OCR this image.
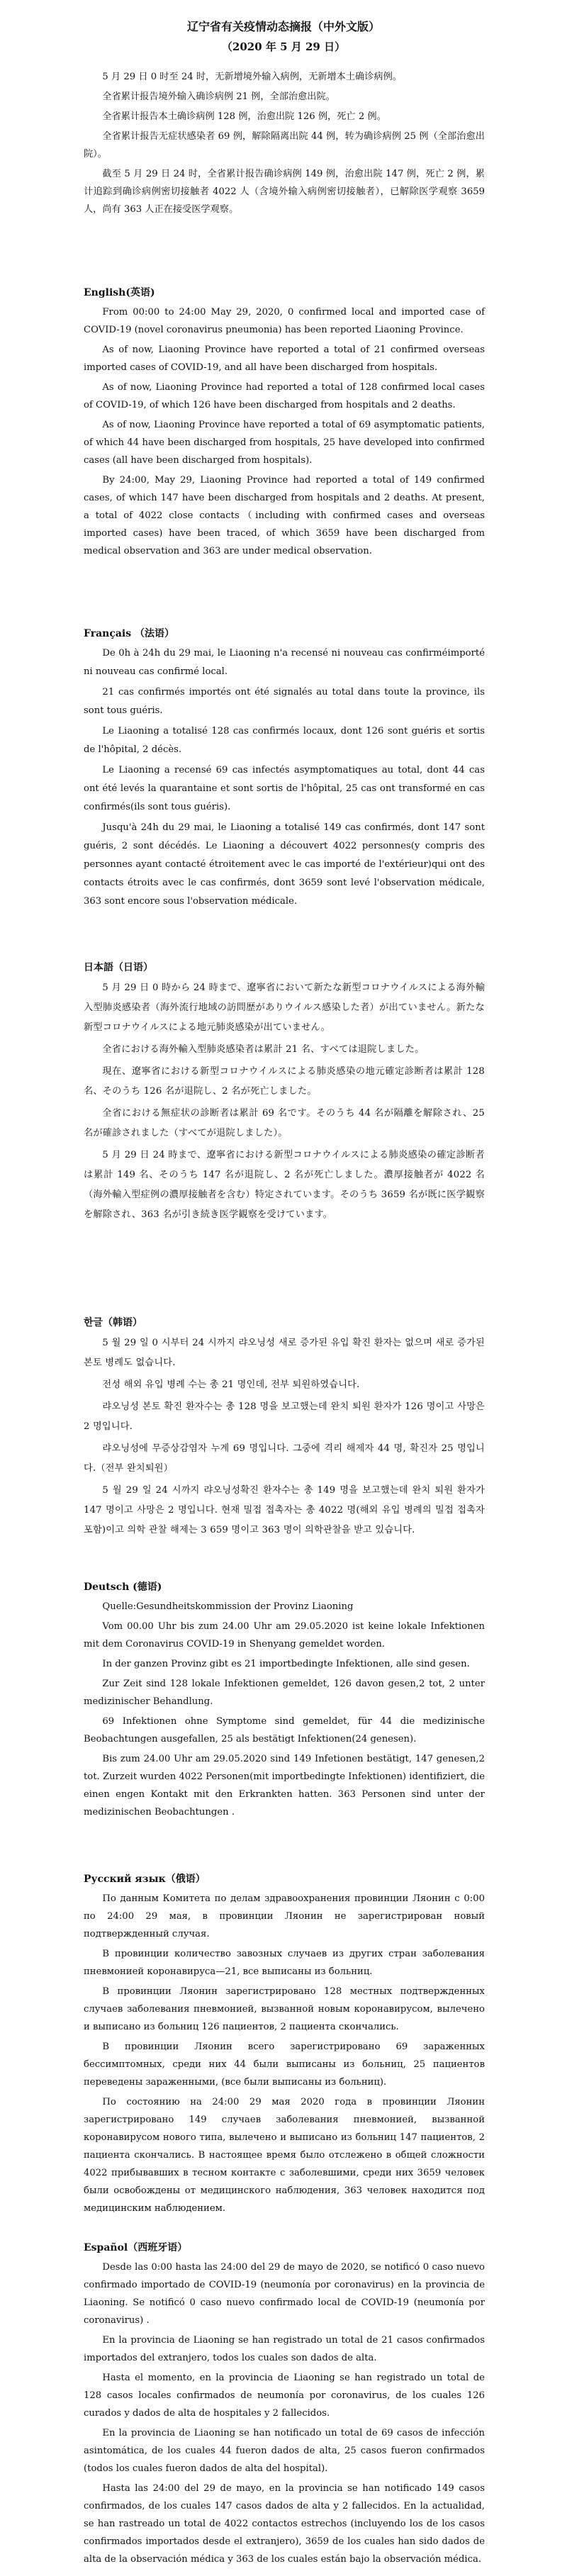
辽宁省有关疫情动态摘报（中外文版）
（2020 年 5 月 29 日）

5 月 29 日 0 时至 24 时，无新增境外输入病例，无新增本土确诊病例。

全省累计报告境外输入确诊病例 21 例，全部治愈出院。

全省累计报告本土确诊病例 128 例，治愈出院 126 例，死亡 2 例。

全省累计报告无症状感染者 69 例，解除隔离出院 44 例，转为确诊病例 25 例（全部治愈出院）。

截至 5 月 29 日 24 时，全省累计报告确诊病例 149 例，治愈出院 147 例，死亡 2 例，累计追踪到确诊病例密切接触者 4022 人（含境外输入病例密切接触者），已解除医学观察 3659 人，尚有 363 人正在接受医学观察。

English(英语)

From 00:00 to 24:00 May 29, 2020, 0 confirmed local and imported case of COVID-19 (novel coronavirus pneumonia) has been reported Liaoning Province.

As of now, Liaoning Province have reported a total of 21 confirmed overseas imported cases of COVID-19, and all have been discharged from hospitals.

As of now, Liaoning Province had reported a total of 128 confirmed local cases of COVID-19, of which 126 have been discharged from hospitals and 2 deaths.

As of now, Liaoning Province have reported a total of 69 asymptomatic patients, of which 44 have been discharged from hospitals, 25 have developed into confirmed cases (all have been discharged from hospitals).

By 24:00, May 29, Liaoning Province had reported a total of 149 confirmed cases, of which 147 have been discharged from hospitals and 2 deaths. At present, a total of 4022 close contacts（including with confirmed cases and overseas imported cases) have been traced, of which 3659 have been discharged from medical observation and 363 are under medical observation.

Français （法语）

De 0h à 24h du 29 mai, le Liaoning n'a recensé ni nouveau cas confirméimporté ni nouveau cas confirmé local.

21 cas confirmés importés ont été signalés au total dans toute la province, ils sont tous guéris.

Le Liaoning a totalisé 128 cas confirmés locaux, dont 126 sont guéris et sortis de l'hôpital, 2 décès.

Le Liaoning a recensé 69 cas infectés asymptomatiques au total, dont 44 cas ont été levés la quarantaine et sont sortis de l'hôpital, 25 cas ont transformé en cas confirmés(ils sont tous guéris).

Jusqu'à 24h du 29 mai, le Liaoning a totalisé 149 cas confirmés, dont 147 sont guéris, 2 sont décédés. Le Liaoning a découvert 4022 personnes(y compris des personnes ayant contacté étroitement avec le cas importé de l'extérieur)qui ont des contacts étroits avec le cas confirmés, dont 3659 sont levé l'observation médicale, 363 sont encore sous l'observation médicale.

日本語（日语）

5 月 29 日 0 時から 24 時まで、遼寧省において新たな新型コロナウイルスによる海外輸入型肺炎感染者（海外流行地域の訪問歴がありウイルス感染した者）が出ていません。新たな新型コロナウイルスによる地元肺炎感染が出ていません。

全省における海外輸入型肺炎感染者は累計 21 名、すべては退院しました。

現在、遼寧省における新型コロナウイルスによる肺炎感染の地元確定診断者は累計 128 名、そのうち 126 名が退院し、2 名が死亡しました。

全省における無症状の診断者は累計 69 名です。そのうち 44 名が隔離を解除され、25 名が確診されました（すべてが退院しました）。

5 月 29 日 24 時まで、遼寧省における新型コロナウイルスによる肺炎感染の確定診断者は累計 149 名、そのうち 147 名が退院し、2 名が死亡しました。濃厚接触者が 4022 名（海外輸入型症例の濃厚接触者を含む）特定されています。そのうち 3659 名が既に医学観察を解除され、363 名が引き続き医学観察を受けています。

한글（韩语）

5 월 29 일 0 시부터 24 시까지 랴오닝성 새로 증가된 유입 확진 환자는 없으며 새로 증가된 본토 병례도 없습니다.

전성 해외 유입 병례 수는 총 21 명인데, 전부 퇴원하였습니다.

랴오닝성 본토 확진 환자수는 총 128 명을 보고했는데 완치 퇴원 환자가 126 명이고 사망은 2 명입니다.

랴오닝성에 무증상감염자 누계 69 명입니다. 그중에 격리 해제자 44 명, 확진자 25 명입니다.（전부 완치퇴원）

5 월 29 일 24 시까지 랴오닝성확진 환자수는 총 149 명을 보고했는데 완치 퇴원 환자가 147 명이고 사망은 2 명입니다. 현재 밀접 접촉자는 총 4022 명(해외 유입 병례의 밀접 접촉자 포함)이고 의학 관찰 해제는 3 659 명이고 363 명이 의학관찰을 받고 있습니다.

Deutsch (德语)

Quelle:Gesundheitskommission der Provinz Liaoning

Vom 00.00 Uhr bis zum 24.00 Uhr am 29.05.2020 ist keine lokale Infektionen mit dem Coronavirus COVID-19 in Shenyang gemeldet worden.

In der ganzen Provinz gibt es 21 importbedingte Infektionen, alle sind gesen.

Zur Zeit sind 128 lokale Infektionen gemeldet, 126 davon gesen,2 tot, 2 unter medizinischer Behandlung.

69 Infektionen ohne Symptome sind gemeldet, für 44 die medizinische Beobachtungen ausgefallen, 25 als bestätigt Infektionen(24 genesen).

Bis zum 24.00 Uhr am 29.05.2020 sind 149 Infetionen bestätigt, 147 genesen,2 tot. Zurzeit wurden 4022 Personen(mit importbedingte Infektionen) identifiziert, die einen engen Kontakt mit den Erkrankten hatten. 363 Personen sind unter der medizinischen Beobachtungen .

Русский язык（俄语）

По данным Комитета по делам здравоохранения провинции Ляонин с 0:00 по 24:00 29 мая, в провинции Ляонин не зарегистрирован новый подтвержденный случая.

В провинции количество завозных случаев из других стран заболевания пневмонией коронавируса—21, все выписаны из больниц.

В провинции Ляонин зарегистрировано 128 местных подтвержденных случаев заболевания пневмонией, вызванной новым коронавирусом, вылечено и выписано из больниц 126 пациентов, 2 пациента скончались.

В провинции Ляонин всего зарегистрировано 69 зараженных бессимптомных, среди них 44 были выписаны из больниц, 25 пациентов переведены зараженными, (все были выписаны из больниц).

По состоянию на 24:00 29 мая 2020 года в провинции Ляонин зарегистрировано 149 случаев заболевания пневмонией, вызванной коронавирусом нового типа, вылечено и выписано из больниц 147 пациентов, 2 пациента скончались. В настоящее время было отслежено в общей сложности 4022 прибывавших в тесном контакте с заболевшими, среди них 3659 человек были освобождены от медицинского наблюдения, 363 человек находится под медицинским наблюдением.

Español（西班牙语）

Desde las 0:00 hasta las 24:00 del 29 de mayo de 2020, se notificó 0 caso nuevo confirmado importado de COVID-19 (neumonía por coronavirus) en la provincia de Liaoning. Se notificó 0 caso nuevo confirmado local de COVID-19 (neumonía por coronavirus) .

En la provincia de Liaoning se han registrado un total de 21 casos confirmados importados del extranjero, todos los cuales son dados de alta.

Hasta el momento, en la provincia de Liaoning se han registrado un total de 128 casos locales confirmados de neumonía por coronavirus, de los cuales 126 curados y dados de alta de hospitales y 2 fallecidos.

En la provincia de Liaoning se han notificado un total de 69 casos de infección asintomática, de los cuales 44 fueron dados de alta, 25 casos fueron confirmados (todos los cuales fueron dados de alta del hospital).

Hasta las 24:00 del 29 de mayo, en la provincia se han notificado 149 casos confirmados, de los cuales 147 casos dados de alta y 2 fallecidos. En la actualidad, se han rastreado un total de 4022 contactos estrechos (incluyendo los de los casos confirmados importados desde el extranjero), 3659 de los cuales han sido dados de alta de la observación médica y 363 de los cuales están bajo la observación médica.
